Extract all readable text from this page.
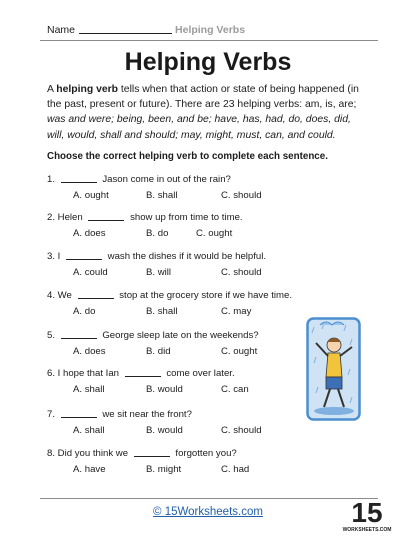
Name	Helping Verbs
Helping Verbs
A helping verb tells when that action or state of being happened (in
the past, present or future). There are 23 helping verbs: am, is, are;
was and were; being, been, and be; have, has, had, do, does, did,
will, would, shall and should; may, might, must, can, and could.
Choose the correct helping verb to complete each sentence.
1.	Jason come in out of the rain?
A. ought	B. shall	C. should
2. Helen	show up from time to time.
A. does	B. do	C. ought
3. I	wash the dishes if it would be helpful.
A. could	B. will	C. should
4. We	stop at the grocery store if we have time.
A. do	B. shall	C. may
5.	George sleep late on the weekends?
A. does	B. did	C. ought
6. I hope that Ian	come over later.
A. shall	B. would	C. can
7.	we sit near the front?
A. shall	B. would	C. should
8. Did you think we	forgotten you?
A. have	B. might	C. had
© 15Worksheets.com	15
WORKSHEETS.COM
